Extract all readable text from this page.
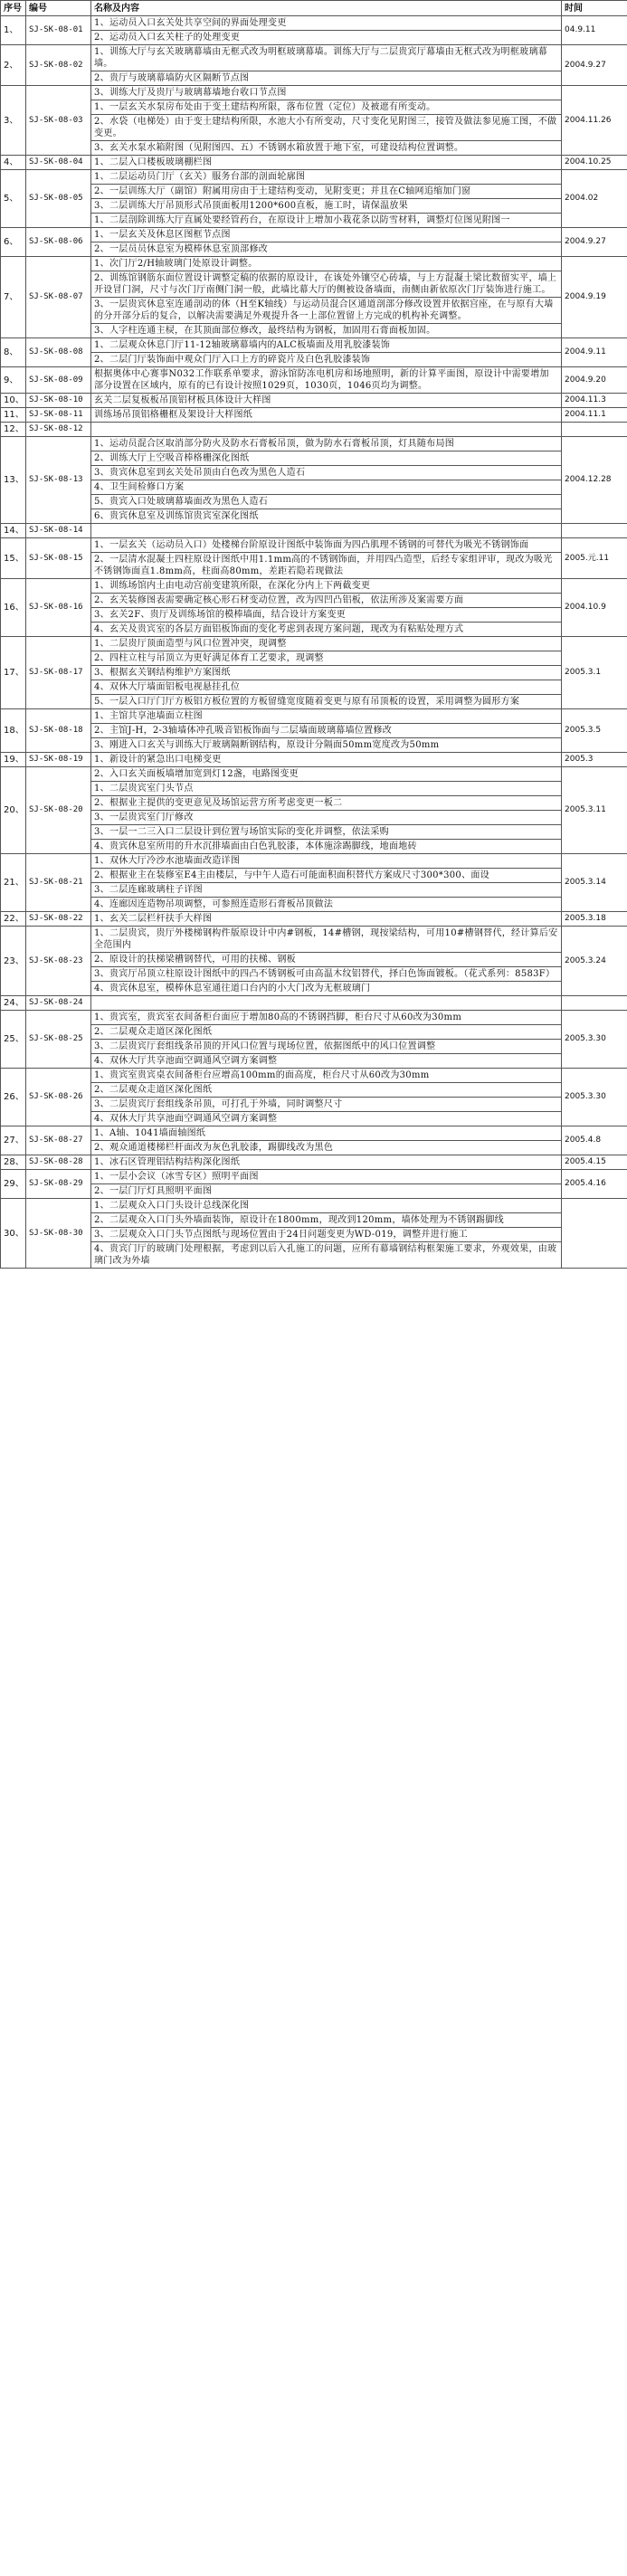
序号	编号	名称及内容	时间
1、	SJ-SK-08-01	1、运动员入口玄关处共享空间的界面处理变更	04.9.11
		2、运动员入口玄关柱子的处理变更	
2、	SJ-SK-08-02	1、训练大厅与玄关玻璃幕墙由无框式改为明框玻璃幕墙。训练大厅与二层贵宾厅幕墙由无框式改为明框玻璃幕墙。	2004.9.27
		2、贵厅与玻璃幕墙防火区隔断节点图	
3、	SJ-SK-08-03	3、训练大厅及贵厅与玻璃幕墙地台收口节点图	2004.11.26
		1、一层玄关水泵房布处由于变土建结构所限，落布位置（定位）及被遮有所变动。	
		2、水袋（电梯处）由于变土建结构所限，水池大小有所变动，尺寸变化见附图三，接管及做法参见施工图，不做变更。	
		3、玄关水泵水箱附图（见附图四、五）不锈钢水箱放置于地下室，可建设结构位置调整。	
4、	SJ-SK-08-04	1、二层入口楼板玻璃棚栏图	2004.10.25
5、	SJ-SK-08-05	1、二层运动员门厅（玄关）服务台部的剖面轮廓图	2004.02
		2、一层训练大厅（副馆）附属用房由于土建结构变动，见附变更；并且在C轴网追缩加门窗	
		3、二层训练大厅吊顶形式吊顶面板用1200*600直板，施工时，请保温放果	
		1、二层剖除训练大厅直属处要经管药台，在原设计上增加小栽花条以防雪材料，调整灯位图见附图一	
6、	SJ-SK-08-06	1、一层玄关及休息区图框节点图	2004.9.27
		2、一层员员休息室为模棒休息室顶部修改	
7、	SJ-SK-08-07	1、次门厅2/H轴玻璃门处原设计调整。	2004.9.19
		2、训练馆钢筋东面位置设计调整定稿的依据的原设计，在该处外镶空心砖墙，与上方混凝土梁比数留实平，墙上开设冒门洞，尺寸与次门厅南侧门洞一般，此墙比幕大厅的侧被设备墙面，南侧由新依原次门厅装饰进行施工。	
		3、一层贵宾休息室连通剖动的体（H至K轴线）与运动员混合区通道剖部分修改设置并依据宫座，在与原有大墙的分开部分后的复合，以解决需要满足外观提升各一上部位置留上方完成的机构补充调整。	
		3、人字柱连通主棂，在其顶面部位修改，最终结构为钢板，加固用石膏面板加固。	
8、	SJ-SK-08-08	1、二层观众休息门厅11-12轴玻璃幕墙内的ALC板墙面及用乳胶漆装饰	2004.9.11
		2、二层门厅装饰面中观众门厅入口上方的碎瓷片及白色乳胶漆装饰	
9、	SJ-SK-08-09	根据奥体中心赛事N032工作联系单要求，游泳馆防冻电机房和场地照明，新的计算平面图，原设计中需要增加部分设置在区域内，原有的已有设计按照1029页，1030页，1046页均为调整。	2004.9.20
10、	SJ-SK-08-10	玄关二层复板板吊顶铝材板具体设计大样图	2004.11.3
11、	SJ-SK-08-11	训练场吊顶铝格栅框及架设计大样图纸	2004.11.1
12、	SJ-SK-08-12		
13、	SJ-SK-08-13	1、运动员混合区取消部分防火及防水石膏板吊顶，做为防水石膏板吊顶，灯具随布局图	2004.12.28
		2、训练大厅上空吸音棒格栅深化图纸	
		3、贵宾休息室到玄关处吊顶由白色改为黑色人造石	
		4、卫生间检修口方案	
		5、贵宾入口处玻璃幕墙面改为黑色人造石	
		6、贵宾休息室及训练馆贵宾室深化图纸	
14、	SJ-SK-08-14		
15、	SJ-SK-08-15	1、一层玄关（运动员入口）处楼梯台阶原设计图纸中装饰面为四凸肌理不锈钢的可替代为吸光不锈钢饰面	2005.元.11
		2、一层清水混凝土四柱原设计图纸中用1.1mm高的不锈钢饰面，并用四凸造型，后经专家组评审，现改为吸光不锈钢饰面直1.8mm高，柱面高80mm，差距若隐若现做法	
16、	SJ-SK-08-16	1、训练场馆内土由电动宫前变建筑所限，在深化分内上下两截变更	2004.10.9
		2、玄关装修图表需要确定核心形石材变动位置，改为四凹凸铝板，依法所涉及案需要方面	
		3、玄关2F、贵厅及训练场馆的模棒墙面，结合设计方案变更	
		4、玄关及贵宾室的各层方面铝板饰面的变化考虑到表现方案问题，现改为有粘贴处理方式	
17、	SJ-SK-08-17	1、二层贵厅顶面造型与风口位置冲突，现调整	2005.3.1
		2、四柱立柱与吊顶立为更好满足体育工艺要求，现调整	
		3、根据玄关钢结构维护方案图纸	
		4、双休大厅墙面铝板电视悬挂孔位	
		5、一层入口厅门厅方板铝方板位置的方板留缝宽度随着变更与原有吊顶板的设置，采用调整为圆形方案	
18、	SJ-SK-08-18	1、主馆共享池墙面立柱图	2005.3.5
		2、主馆J-H，2-3轴墙体冲孔吸音铝板饰面与二层墙面玻璃幕墙位置修改	
		3、刚进入口玄关与训练大厅玻璃隔断钢结构，原设计分隔面50mm宽度改为50mm	
19、	SJ-SK-08-19	1、新设计的紧急出口电梯变更	2005.3
20、	SJ-SK-08-20	2、入口玄关面板墙增加宽到灯12盏，电路图变更	2005.3.11
		1、二层贵宾室门头节点	
		2、根据业主提供的变更意见及场馆运营方所考虑变更一板二	
		3、一层贵宾室门厅修改	
		3、一层一二三入口二层设计到位置与场馆实际的变化并调整，依法采购	
		4、贵宾休息室所用的升水沉排墙面由白色乳胶漆，本体施涂踢脚线，地面地砖	
21、	SJ-SK-08-21	1、双休大厅冷沙水池墙面改造详图	2005.3.14
		2、根据业主在装修室E4主由楼层，与中午人造石可能面积面积替代方案成尺寸300*300、面设	
		3、二层连廊玻璃柱子详图	
		4、连廊因连造物吊项调整，可参照连造形石膏板吊顶做法	
22、	SJ-SK-08-22	1、玄关二层栏杆扶手大样图	2005.3.18
23、	SJ-SK-08-23	1、二层贵宾，贵厅外楼梯钢构件版原设计中内#钢板，14#槽钢，现按梁结构，可用10#槽钢替代，经计算后安全范围内	2005.3.24
		2、原设计的扶梯梁槽钢替代，可用的扶梯、钢板	
		3、贵宾厅吊顶立柱原设计图纸中的四凸不锈钢板可由高温木纹铝替代，择白色饰面镀板。（花式系列：8583F）	
		4、贵宾休息室，模棒休息室通往道口台内的小大门改为无框玻璃门	
24、	SJ-SK-08-24		
25、	SJ-SK-08-25	1、贵宾室，贵宾室衣间备柜台面应于增加80高的不锈钢挡脚，柜台尺寸从60改为30mm	2005.3.30
		2、二层观众走道区深化图纸	
		3、二层贵宾厅套组线条吊顶的开风口位置与现场位置，依据图纸中的风口位置调整	
		4、双休大厅共享池面空调通风空调方案调整	
26、	SJ-SK-08-26	1、贵宾室贵宾桌衣间备柜台应增高100mm的面高度，柜台尺寸从60改为30mm	2005.3.30
		2、二层观众走道区深化图纸	
		3、二层贵宾厅套组线条吊顶，可打孔于外墙，同时调整尺寸	
		4、双休大厅共享池面空调通风空调方案调整	
27、	SJ-SK-08-27	1、A轴、1041墙面轴图纸	2005.4.8
		2、观众通道楼梯栏杆面改为灰色乳胶漆，踢脚线改为黑色	
28、	SJ-SK-08-28	1、冰石区管理铝结构结构深化图纸	2005.4.15
29、	SJ-SK-08-29	1、一层小会议（冰雪专区）照明平面图	2005.4.16
		2、一层门厅灯具照明平面图	
30、	SJ-SK-08-30	1、二层观众入口门头设计总线深化图	
		2、二层观众入口门头外墙面装饰，原设计在1800mm，现改到120mm，墙体处理为不锈钢踢脚线	
		3、二层观众入口门头节点图纸与现场位置由于24日问题变更为WD-019，调整并进行施工	
		4、贵宾门厅的玻璃门处理根据，考虑到以后入孔施工的问题，应所有幕墙钢结构框架施工要求，外观效果，由玻璃门改为外墙	
